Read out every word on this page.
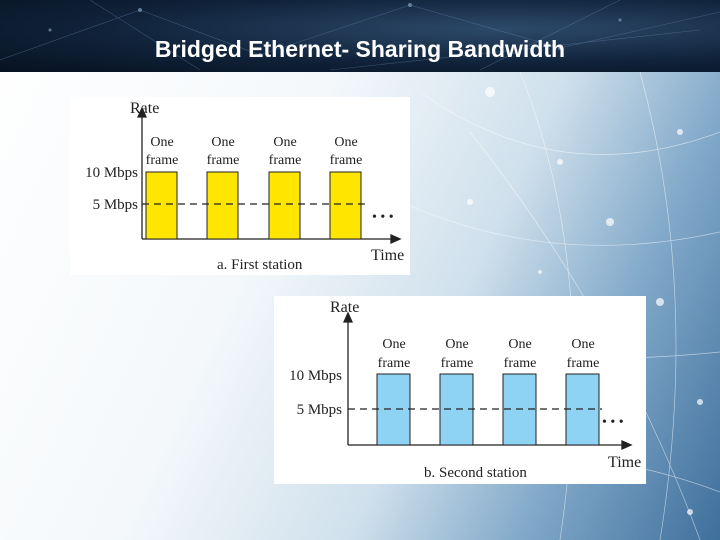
Bridged Ethernet- Sharing Bandwidth
Rate
Time
10 Mbps
5 Mbps
One
frame
One
frame
One
frame
One
frame
• • •
a. First station
Rate
Time
10 Mbps
5 Mbps
One
frame
One
frame
One
frame
One
frame
• • •
b. Second station
